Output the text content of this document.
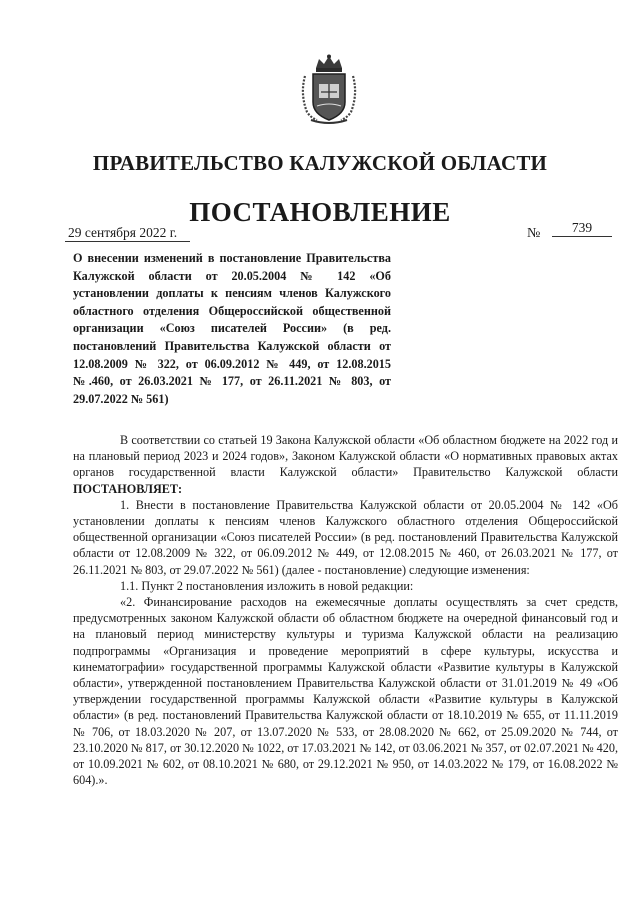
ПРАВИТЕЛЬСТВО КАЛУЖСКОЙ ОБЛАСТИ
ПОСТАНОВЛЕНИЕ
29 сентября 2022 г.	№	739
О внесении изменений в постановление Правительства Калужской области от 20.05.2004 № 142 «Об установлении доплаты к пенсиям членов Калужского областного отделения Общероссийской общественной организации «Союз писателей России» (в ред. постановлений Правительства Калужской области от 12.08.2009 № 322, от 06.09.2012 № 449, от 12.08.2015 №.460, от 26.03.2021 № 177, от 26.11.2021 № 803, от 29.07.2022 № 561)

В соответствии со статьей 19 Закона Калужской области «Об областном бюджете на 2022 год и на плановый период 2023 и 2024 годов», Законом Калужской области «О нормативных правовых актах органов государственной власти Калужской области» Правительство Калужской области ПОСТАНОВЛЯЕТ:

1. Внести в постановление Правительства Калужской области от 20.05.2004 № 142 «Об установлении доплаты к пенсиям членов Калужского областного отделения Общероссийской общественной организации «Союз писателей России» (в ред. постановлений Правительства Калужской области от 12.08.2009 № 322, от 06.09.2012 № 449, от 12.08.2015 № 460, от 26.03.2021 № 177, от 26.11.2021 № 803, от 29.07.2022 № 561) (далее - постановление) следующие изменения:

1.1. Пункт 2 постановления изложить в новой редакции:

«2. Финансирование расходов на ежемесячные доплаты осуществлять за счет средств, предусмотренных законом Калужской области об областном бюджете на очередной финансовый год и на плановый период министерству культуры и туризма Калужской области на реализацию подпрограммы «Организация и проведение мероприятий в сфере культуры, искусства и кинематографии» государственной программы Калужской области «Развитие культуры в Калужской области», утвержденной постановлением Правительства Калужской области от 31.01.2019 № 49 «Об утверждении государственной программы Калужской области «Развитие культуры в Калужской области» (в ред. постановлений Правительства Калужской области от 18.10.2019 № 655, от 11.11.2019 № 706, от 18.03.2020 № 207, от 13.07.2020 № 533, от 28.08.2020 № 662, от 25.09.2020 № 744, от 23.10.2020 № 817, от 30.12.2020 № 1022, от 17.03.2021 № 142, от 03.06.2021 № 357, от 02.07.2021 № 420, от 10.09.2021 № 602, от 08.10.2021 № 680, от 29.12.2021 № 950, от 14.03.2022 № 179, от 16.08.2022 № 604).».
